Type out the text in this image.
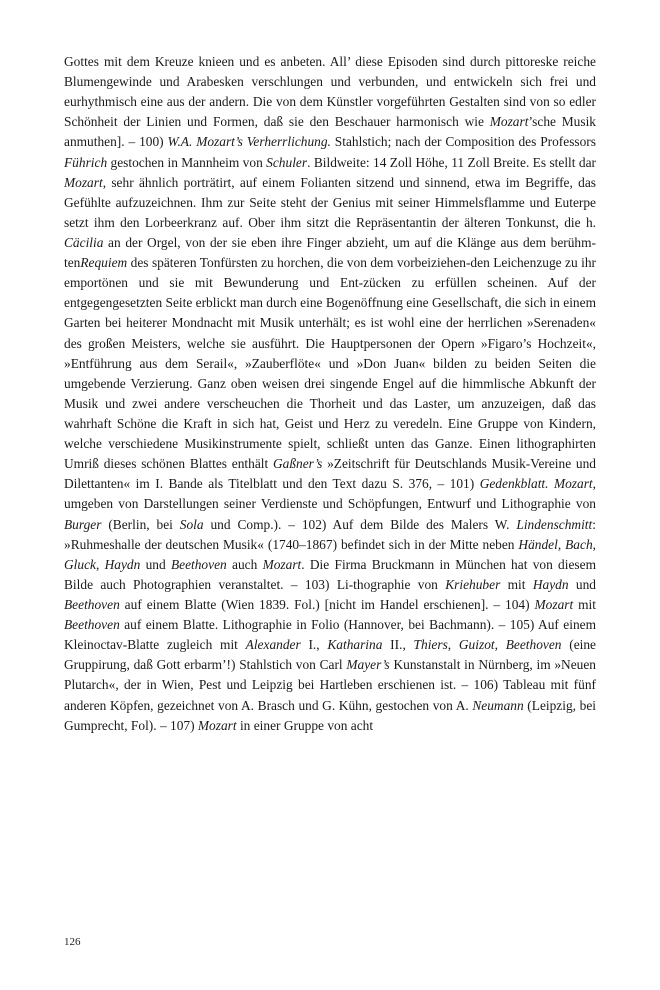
Gottes mit dem Kreuze knieen und es anbeten. All’ diese Episoden sind durch pittoreske reiche Blumengewinde und Arabesken verschlungen und verbunden, und entwickeln sich frei und eurhythmisch eine aus der andern. Die von dem Künstler vorgeführten Gestalten sind von so edler Schönheit der Linien und Formen, daß sie den Beschauer harmonisch wie Mozart’sche Musik anmuthen]. – 100) W.A. Mozart’s Verherrlichung. Stahlstich; nach der Composition des Professors Führich gestochen in Mannheim von Schuler. Bildweite: 14 Zoll Höhe, 11 Zoll Breite. Es stellt dar Mozart, sehr ähnlich porträtirt, auf einem Folianten sitzend und sinnend, etwa im Begriffe, das Gefühlte aufzuzeichnen. Ihm zur Seite steht der Genius mit seiner Himmelsflamme und Euterpe setzt ihm den Lorbeerkranz auf. Ober ihm sitzt die Repräsentantin der älteren Tonkunst, die h. Cäcilia an der Orgel, von der sie eben ihre Finger abzieht, um auf die Klänge aus dem berühm-tenRequiem des späteren Tonfürsten zu horchen, die von dem vorbeiziehen-den Leichenzuge zu ihr emportönen und sie mit Bewunderung und Ent-zücken zu erfüllen scheinen. Auf der entgegengesetzten Seite erblickt man durch eine Bogenöffnung eine Gesellschaft, die sich in einem Garten bei heiterer Mondnacht mit Musik unterhält; es ist wohl eine der herrlichen »Serenaden« des großen Meisters, welche sie ausführt. Die Hauptpersonen der Opern »Figaro’s Hochzeit«, »Entführung aus dem Serail«, »Zauberflöte« und »Don Juan« bilden zu beiden Seiten die umgebende Verzierung. Ganz oben weisen drei singende Engel auf die himmlische Abkunft der Musik und zwei andere verscheuchen die Thorheit und das Laster, um anzuzeigen, daß das wahrhaft Schöne die Kraft in sich hat, Geist und Herz zu veredeln. Eine Gruppe von Kindern, welche verschiedene Musikinstrumente spielt, schließt unten das Ganze. Einen lithographirten Umriß dieses schönen Blattes enthält Gaßner’s »Zeitschrift für Deutschlands Musik-Vereine und Dilettanten« im I. Bande als Titelblatt und den Text dazu S. 376, – 101) Gedenkblatt. Mozart, umgeben von Darstellungen seiner Verdienste und Schöpfungen, Entwurf und Lithographie von Burger (Berlin, bei Sola und Comp.). – 102) Auf dem Bilde des Malers W. Lindenschmitt: »Ruhmeshalle der deutschen Musik« (1740–1867) befindet sich in der Mitte neben Händel, Bach, Gluck, Haydn und Beethoven auch Mozart. Die Firma Bruckmann in München hat von diesem Bilde auch Photographien veranstaltet. – 103) Li-thographie von Kriehuber mit Haydn und Beethoven auf einem Blatte (Wien 1839. Fol.) [nicht im Handel erschienen]. – 104) Mozart mit Beethoven auf einem Blatte. Lithographie in Folio (Hannover, bei Bachmann). – 105) Auf einem Kleinoctav-Blatte zugleich mit Alexander I., Katharina II., Thiers, Guizot, Beethoven (eine Gruppirung, daß Gott erbarm’!) Stahlstich von Carl Mayer’s Kunstanstalt in Nürnberg, im »Neuen Plutarch«, der in Wien, Pest und Leipzig bei Hartleben erschienen ist. – 106) Tableau mit fünf anderen Köpfen, gezeichnet von A. Brasch und G. Kühn, gestochen von A. Neumann (Leipzig, bei Gumprecht, Fol). – 107) Mozart in einer Gruppe von acht

126
